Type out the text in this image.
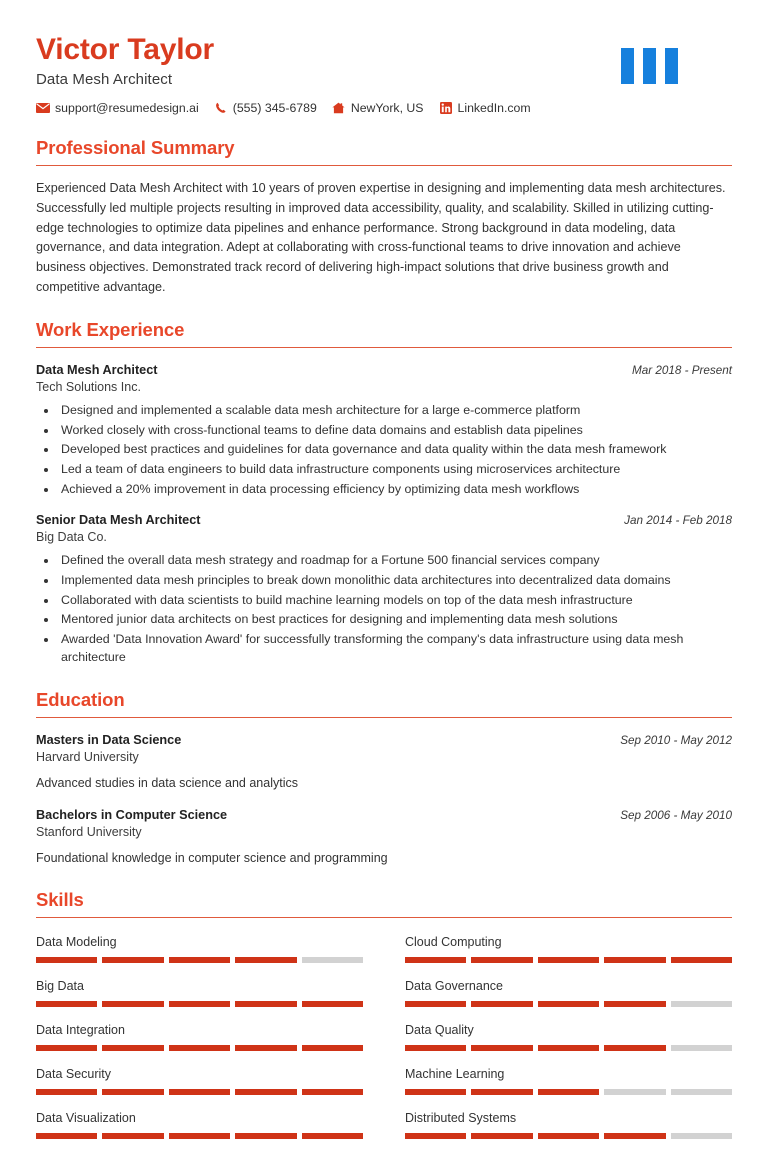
Victor Taylor
Data Mesh Architect
support@resumedesign.ai	(555) 345-6789	NewYork, US	LinkedIn.com
Professional Summary

Experienced Data Mesh Architect with 10 years of proven expertise in designing and implementing data mesh architectures. Successfully led multiple projects resulting in improved data accessibility, quality, and scalability. Skilled in utilizing cutting-edge technologies to optimize data pipelines and enhance performance. Strong background in data modeling, data governance, and data integration. Adept at collaborating with cross-functional teams to drive innovation and achieve business objectives. Demonstrated track record of delivering high-impact solutions that drive business growth and competitive advantage.

Work Experience
Data Mesh Architect	Mar 2018 - Present
Tech Solutions Inc.
• Designed and implemented a scalable data mesh architecture for a large e-commerce platform
• Worked closely with cross-functional teams to define data domains and establish data pipelines
• Developed best practices and guidelines for data governance and data quality within the data mesh framework
• Led a team of data engineers to build data infrastructure components using microservices architecture
• Achieved a 20% improvement in data processing efficiency by optimizing data mesh workflows
Senior Data Mesh Architect	Jan 2014 - Feb 2018
Big Data Co.
• Defined the overall data mesh strategy and roadmap for a Fortune 500 financial services company
• Implemented data mesh principles to break down monolithic data architectures into decentralized data domains
• Collaborated with data scientists to build machine learning models on top of the data mesh infrastructure
• Mentored junior data architects on best practices for designing and implementing data mesh solutions
• Awarded 'Data Innovation Award' for successfully transforming the company's data infrastructure using data mesh architecture
Education
Masters in Data Science	Sep 2010 - May 2012
Harvard University
Advanced studies in data science and analytics
Bachelors in Computer Science	Sep 2006 - May 2010
Stanford University
Foundational knowledge in computer science and programming
Skills
Data Modeling	Cloud Computing
Big Data	Data Governance
Data Integration	Data Quality
Data Security	Machine Learning
Data Visualization	Distributed Systems
